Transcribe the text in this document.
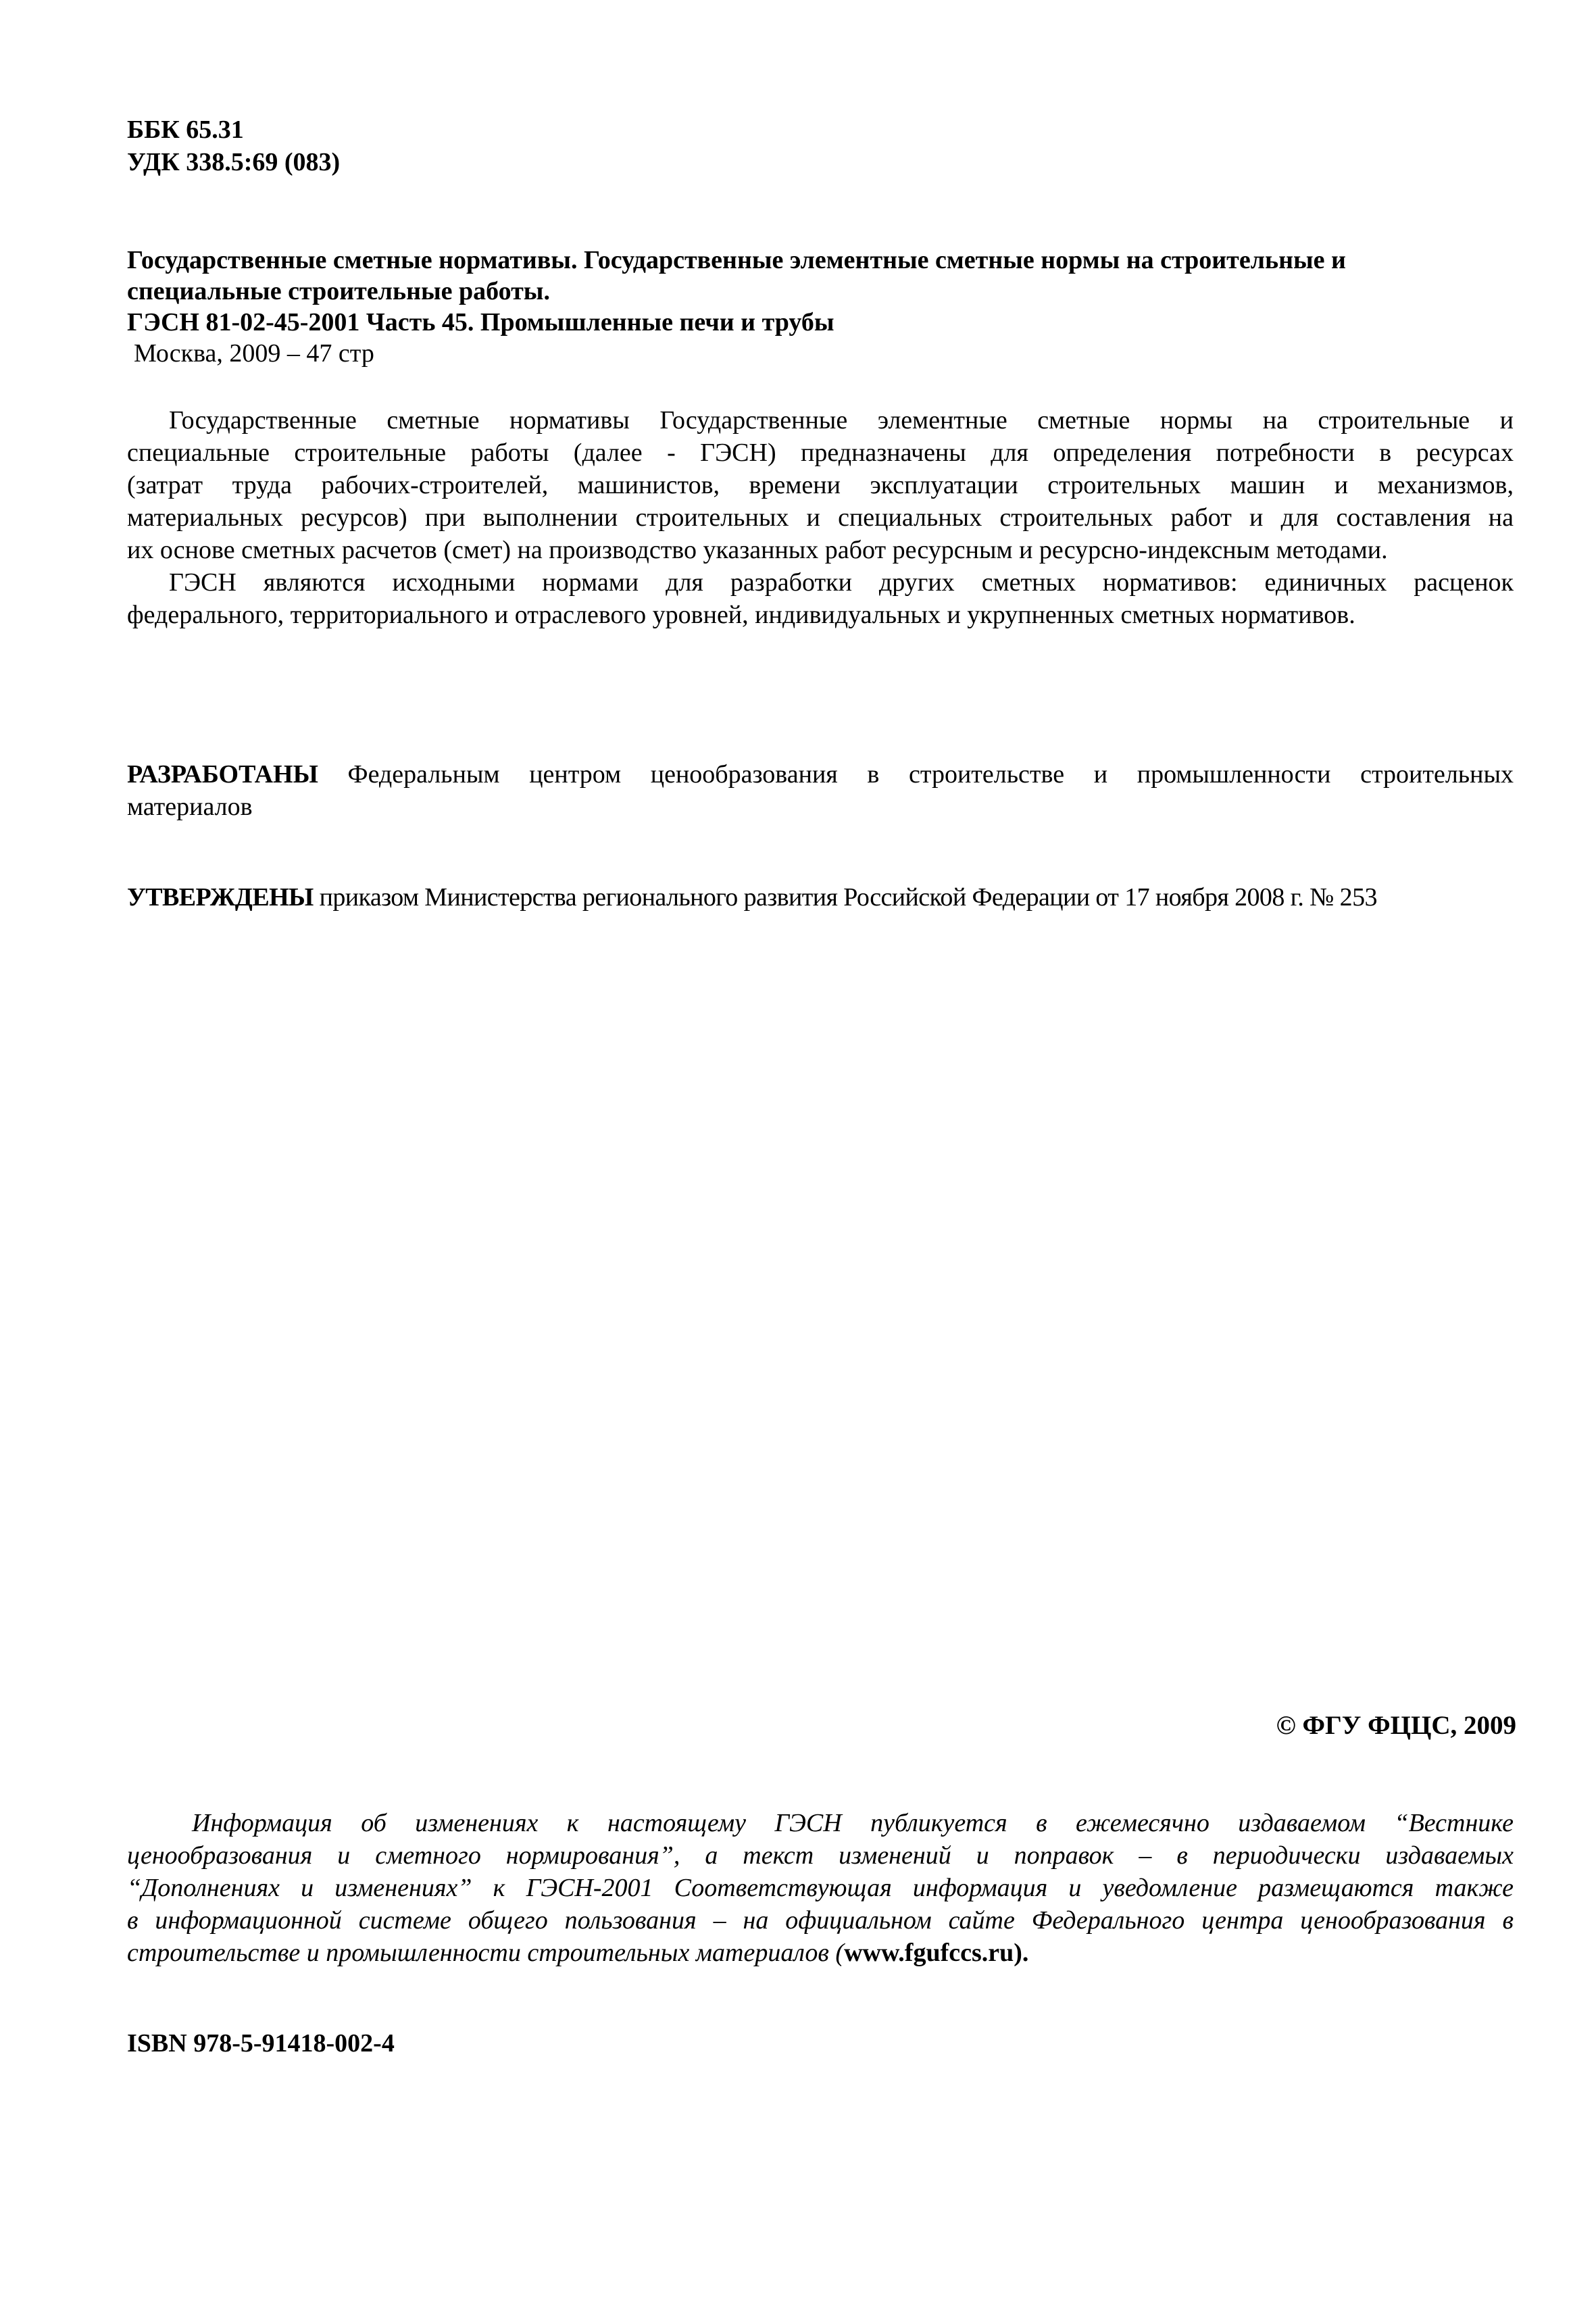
ББК 65.31

УДК 338.5:69 (083)

Государственные сметные нормативы. Государственные элементные сметные нормы на строительные и

специальные строительные работы.

ГЭСН 81-02-45-2001 Часть 45. Промышленные печи и трубы

Москва, 2009 – 47 стр

Государственные сметные нормативы Государственные элементные сметные нормы на строительные и

специальные строительные работы (далее - ГЭСН) предназначены для определения потребности в ресурсах

(затрат труда рабочих-строителей, машинистов, времени эксплуатации строительных машин и механизмов,

материальных ресурсов) при выполнении строительных и специальных строительных работ и для составления на

их основе сметных расчетов (смет) на производство указанных работ ресурсным и ресурсно-индексным методами.

ГЭСН являются исходными нормами для разработки других сметных нормативов: единичных расценок

федерального, территориального и отраслевого уровней, индивидуальных и укрупненных сметных нормативов.

РАЗРАБОТАНЫ Федеральным центром ценообразования в строительстве и промышленности строительных

материалов

УТВЕРЖДЕНЫ приказом Министерства регионального развития Российской Федерации от 17 ноября 2008 г. № 253

© ФГУ ФЦЦС, 2009

Информация об изменениях к настоящему ГЭСН публикуется в ежемесячно издаваемом “Вестнике

ценообразования и сметного нормирования”, а текст изменений и поправок – в периодически издаваемых

“Дополнениях и изменениях” к ГЭСН-2001 Соответствующая информация и уведомление размещаются также

в информационной системе общего пользования – на официальном сайте Федерального центра ценообразования в

строительстве и промышленности строительных материалов (www.fgufccs.ru).

ISBN 978-5-91418-002-4
